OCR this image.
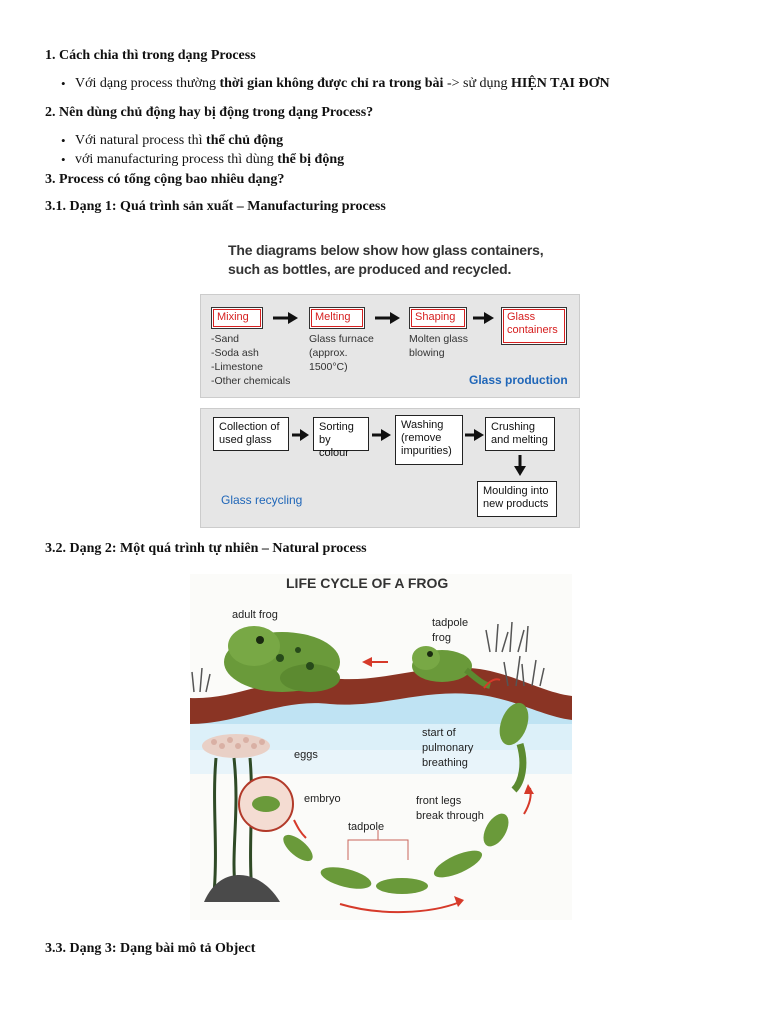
1. Cách chia thì trong dạng Process

• Với dạng process thường thời gian không được chỉ ra trong bài -> sử dụng HIỆN TẠI ĐƠN

2. Nên dùng chủ động hay bị động trong dạng Process?

• Với natural process thì thể chủ động
• với manufacturing process thì dùng thể bị động

3. Process có tổng cộng bao nhiêu dạng?

3.1. Dạng 1: Quá trình sản xuất – Manufacturing process

The diagrams below show how glass containers,
such as bottles, are produced and recycled.
Mixing	Melting	Shaping	Glass containers
-Sand
-Soda ash
-Limestone
-Other chemicals
Glass furnace
(approx.
1500°C)
Molten glass
blowing
Glass production
Collection of used glass
Sorting by colour
Washing (remove impurities)
Crushing and melting
Moulding into new products
Glass recycling

3.2. Dạng 2: Một quá trình tự nhiên – Natural process

LIFE CYCLE OF A FROG
adult frog
tadpole
frog
eggs
embryo
start of
pulmonary
breathing
front legs
break through
tadpole

3.3. Dạng 3: Dạng bài mô tả Object
